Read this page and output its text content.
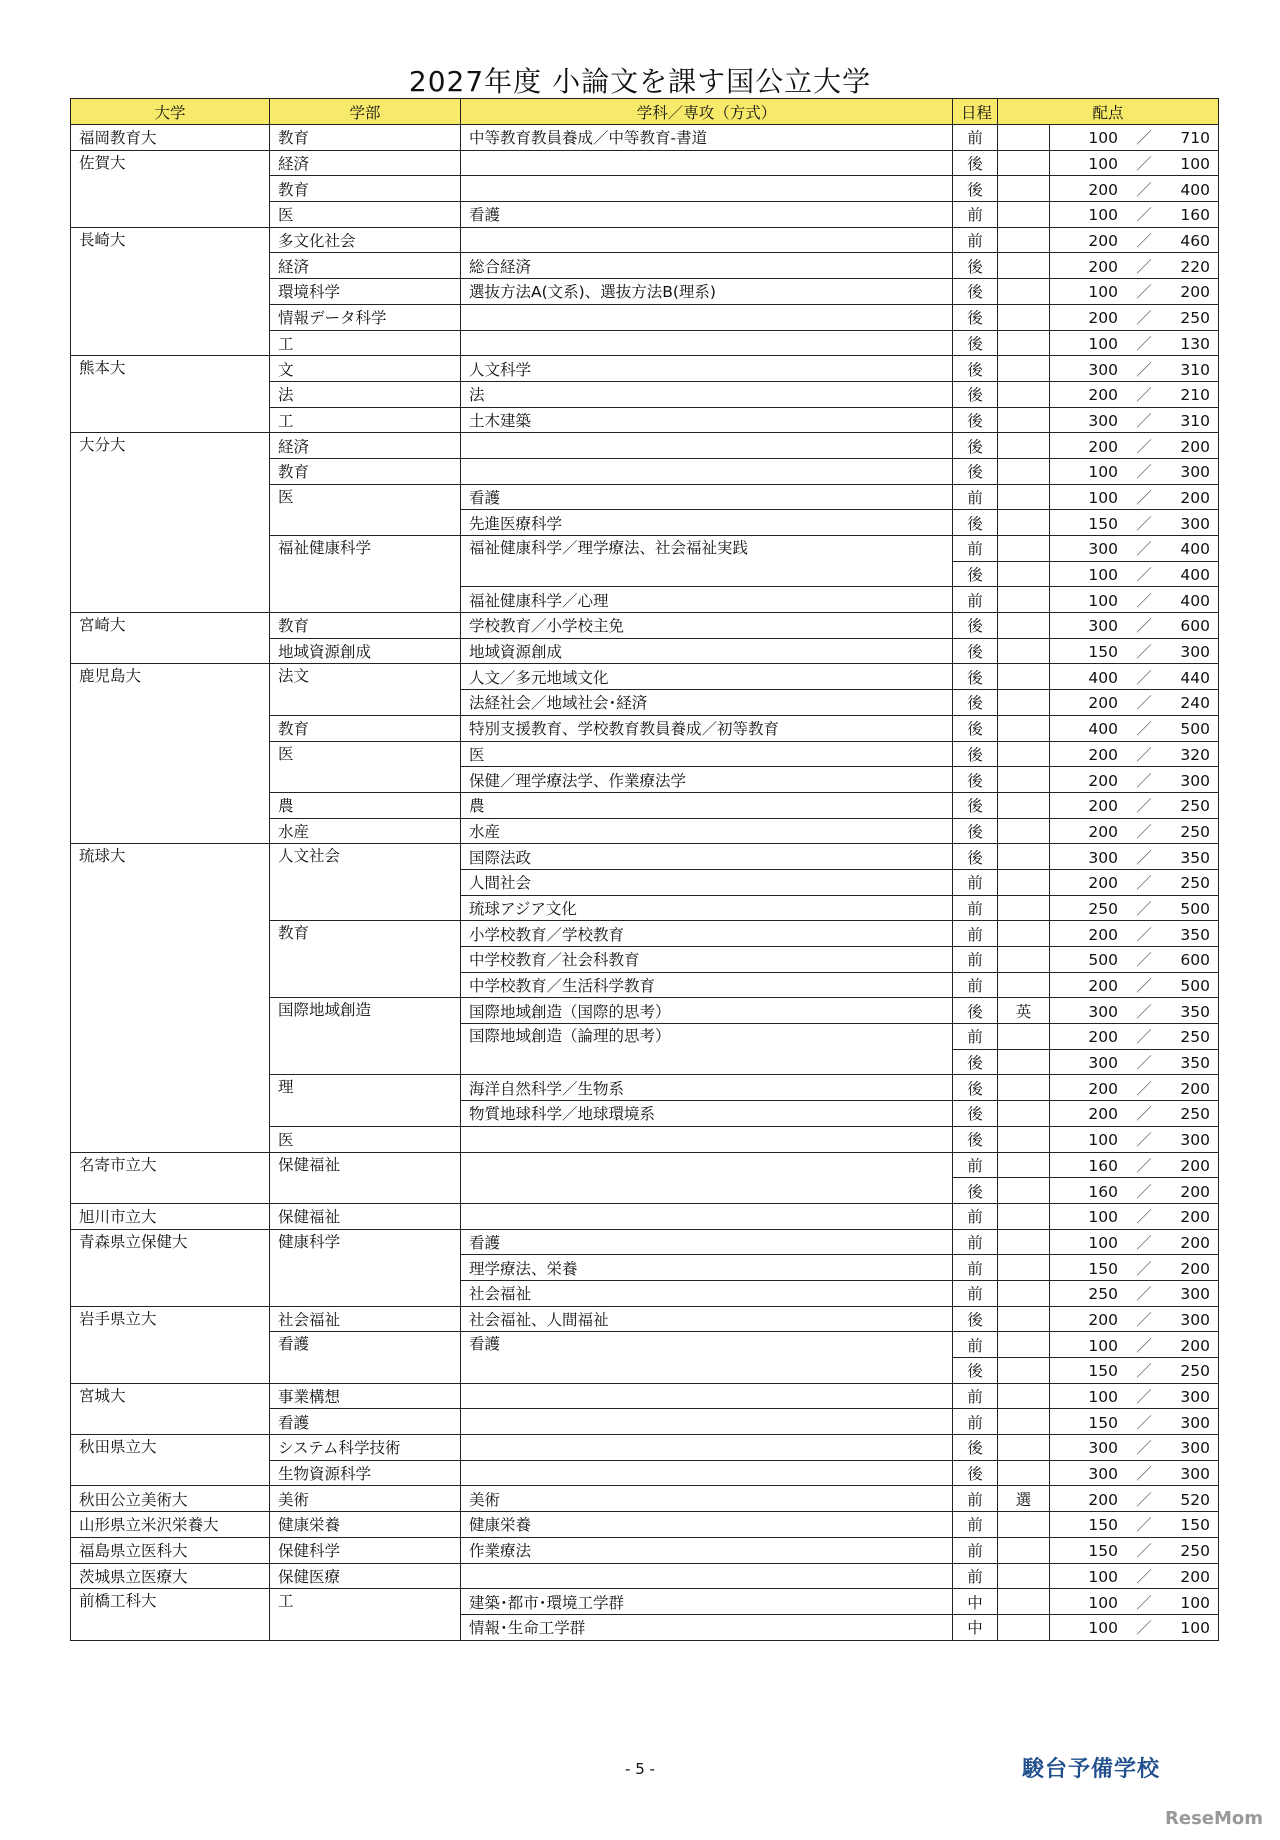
2027年度 小論文を課す国公立大学
大学	学部	学科／専攻（方式）	日程	配点	
福岡教育大	教育	中等教育教員養成／中等教育-書道	前		100 ／ 710
佐賀大	経済		後		100 ／ 100
	教育		後		200 ／ 400
	医	看護	前		100 ／ 160
長崎大	多文化社会		前		200 ／ 460
	経済	総合経済	後		200 ／ 220
	環境科学	選抜方法A(文系)、選抜方法B(理系)	後		100 ／ 200
	情報データ科学		後		200 ／ 250
	工		後		100 ／ 130
熊本大	文	人文科学	後		300 ／ 310
	法	法	後		200 ／ 210
	工	土木建築	後		300 ／ 310
大分大	経済		後		200 ／ 200
	教育		後		100 ／ 300
	医	看護	前		100 ／ 200
		先進医療科学	後		150 ／ 300
	福祉健康科学	福祉健康科学／理学療法、社会福祉実践	前		300 ／ 400
			後		100 ／ 400
		福祉健康科学／心理	前		100 ／ 400
宮崎大	教育	学校教育／小学校主免	後		300 ／ 600
	地域資源創成	地域資源創成	後		150 ／ 300
鹿児島大	法文	人文／多元地域文化	後		400 ／ 440
		法経社会／地域社会･経済	後		200 ／ 240
	教育	特別支援教育、学校教育教員養成／初等教育	後		400 ／ 500
	医	医	後		200 ／ 320
		保健／理学療法学、作業療法学	後		200 ／ 300
	農	農	後		200 ／ 250
	水産	水産	後		200 ／ 250
琉球大	人文社会	国際法政	後		300 ／ 350
		人間社会	前		200 ／ 250
		琉球アジア文化	前		250 ／ 500
	教育	小学校教育／学校教育	前		200 ／ 350
		中学校教育／社会科教育	前		500 ／ 600
		中学校教育／生活科学教育	前		200 ／ 500
	国際地域創造	国際地域創造（国際的思考）	後	英	300 ／ 350
		国際地域創造（論理的思考）	前		200 ／ 250
			後		300 ／ 350
	理	海洋自然科学／生物系	後		200 ／ 200
		物質地球科学／地球環境系	後		200 ／ 250
	医		後		100 ／ 300
名寄市立大	保健福祉		前		160 ／ 200
			後		160 ／ 200
旭川市立大	保健福祉		前		100 ／ 200
青森県立保健大	健康科学	看護	前		100 ／ 200
		理学療法、栄養	前		150 ／ 200
		社会福祉	前		250 ／ 300
岩手県立大	社会福祉	社会福祉、人間福祉	後		200 ／ 300
	看護	看護	前		100 ／ 200
			後		150 ／ 250
宮城大	事業構想		前		100 ／ 300
	看護		前		150 ／ 300
秋田県立大	システム科学技術		後		300 ／ 300
	生物資源科学		後		300 ／ 300
秋田公立美術大	美術	美術	前	選	200 ／ 520
山形県立米沢栄養大	健康栄養	健康栄養	前		150 ／ 150
福島県立医科大	保健科学	作業療法	前		150 ／ 250
茨城県立医療大	保健医療		前		100 ／ 200
前橋工科大	工	建築･都市･環境工学群	中		100 ／ 100
		情報･生命工学群	中		100 ／ 100
- 5 -	駿台予備学校
ReseMom
